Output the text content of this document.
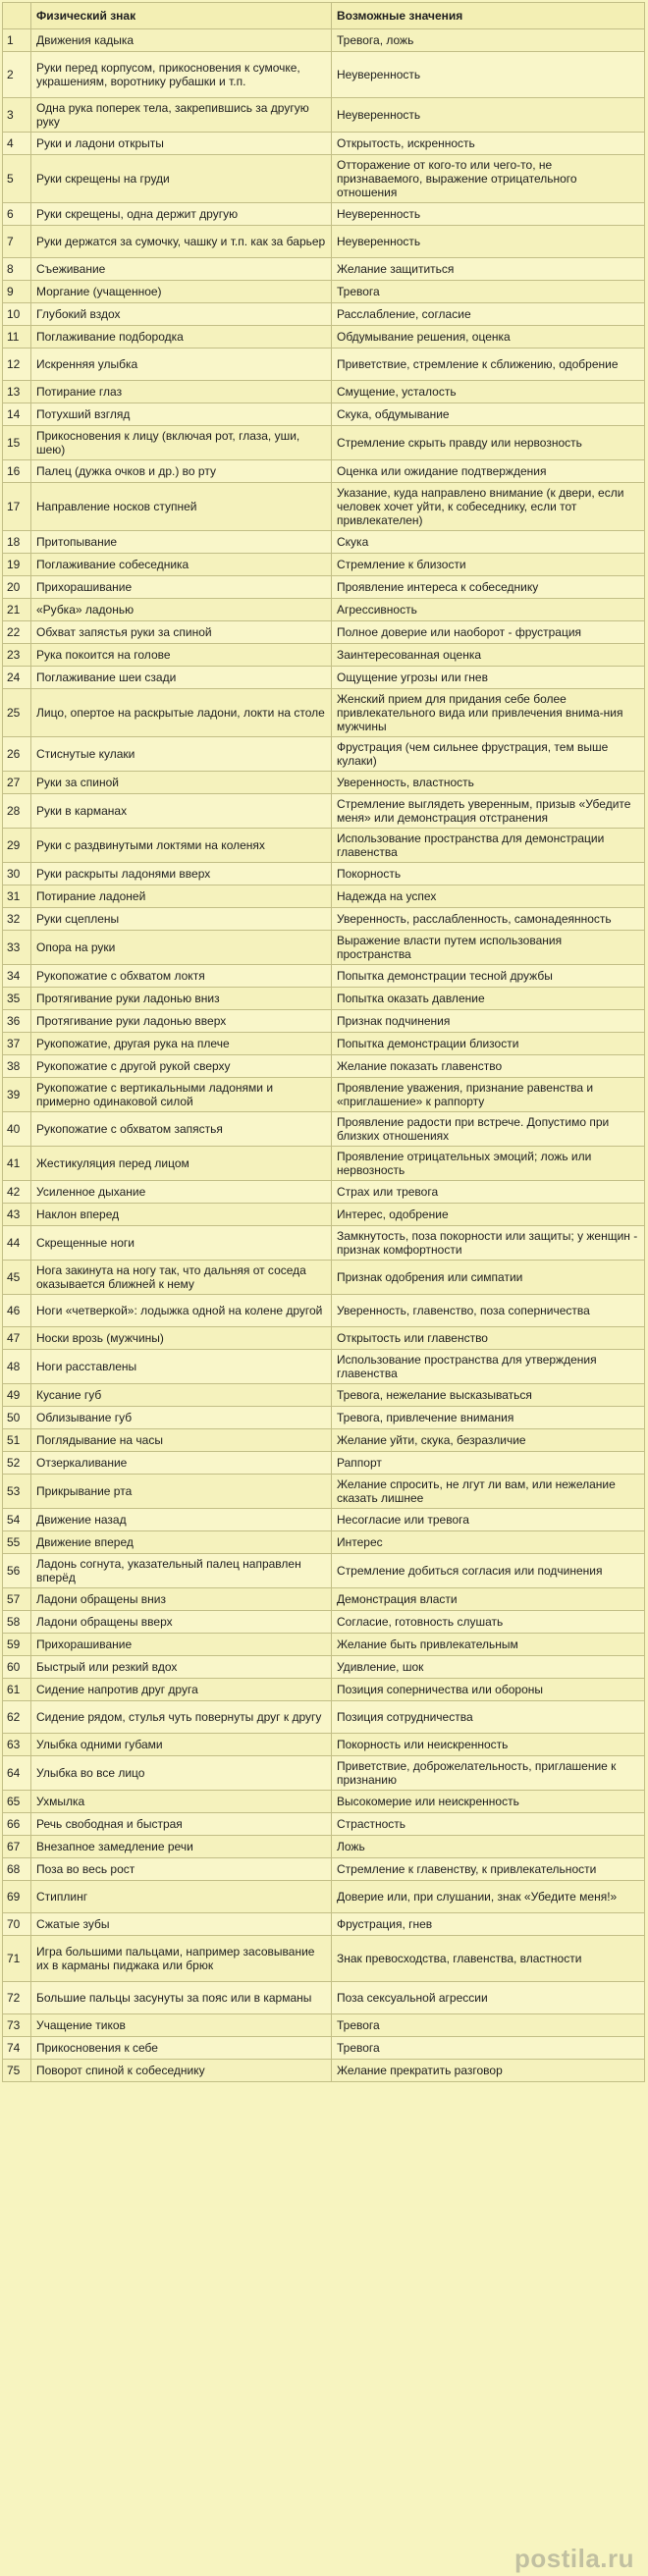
	Физический знак	Возможные значения
1	Движения кадыка	Тревога, ложь
2	Руки перед корпусом, прикосновения к сумочке, украшениям, воротнику рубашки и т.п.	Неуверенность
3	Одна рука поперек тела, закрепившись за другую руку	Неуверенность
4	Руки и ладони открыты	Открытость, искренность
5	Руки скрещены на груди	Отторажение от кого-то или чего-то, не признаваемого, выражение отрицательного отношения
6	Руки скрещены, одна держит другую	Неуверенность
7	Руки держатся за сумочку, чашку и т.п. как за барьер	Неуверенность
8	Съеживание	Желание защититься
9	Моргание (учащенное)	Тревога
10	Глубокий вздох	Расслабление, согласие
11	Поглаживание подбородка	Обдумывание решения, оценка
12	Искренняя улыбка	Приветствие, стремление к сближению, одобрение
13	Потирание глаз	Смущение, усталость
14	Потухший взгляд	Скука, обдумывание
15	Прикосновения к лицу (включая рот, глаза, уши, шею)	Стремление скрыть правду или нервозность
16	Палец (дужка очков и др.) во рту	Оценка или ожидание подтверждения
17	Направление носков ступней	Указание, куда направлено внимание (к двери, если человек хочет уйти, к собеседнику, если тот привлекателен)
18	Притопывание	Скука
19	Поглаживание собеседника	Стремление к близости
20	Прихорашивание	Проявление интереса к собеседнику
21	«Рубка» ладонью	Агрессивность
22	Обхват запястья руки за спиной	Полное доверие или наоборот - фрустрация
23	Рука покоится на голове	Заинтересованная оценка
24	Поглаживание шеи сзади	Ощущение угрозы или гнев
25	Лицо, опертое на раскрытые ладони, локти на столе	Женский прием для придания себе более привлекательного вида или привлечения внима-ния мужчины
26	Стиснутые кулаки	Фрустрация (чем сильнее фрустрация, тем выше кулаки)
27	Руки за спиной	Уверенность, властность
28	Руки в карманах	Стремление выглядеть уверенным, призыв «Убедите меня» или демонстрация отстранения
29	Руки с раздвинутыми локтями на коленях	Использование пространства для демонстрации главенства
30	Руки раскрыты ладонями вверх	Покорность
31	Потирание ладоней	Надежда на успех
32	Руки сцеплены	Уверенность, расслабленность, самонадеянность
33	Опора на руки	Выражение власти путем использования пространства
34	Рукопожатие с обхватом локтя	Попытка демонстрации тесной дружбы
35	Протягивание руки ладонью вниз	Попытка оказать давление
36	Протягивание руки ладонью вверх	Признак подчинения
37	Рукопожатие, другая рука на плече	Попытка демонстрации близости
38	Рукопожатие с другой рукой сверху	Желание показать главенство
39	Рукопожатие с вертикальными ладонями и примерно одинаковой силой	Проявление уважения, признание равенства и «приглашение» к раппорту
40	Рукопожатие с обхватом запястья	Проявление радости при встрече. Допустимо при близких отношениях
41	Жестикуляция перед лицом	Проявление отрицательных эмоций; ложь или нервозность
42	Усиленное дыхание	Страх или тревога
43	Наклон вперед	Интерес, одобрение
44	Скрещенные ноги	Замкнутость, поза покорности или защиты; у женщин - признак комфортности
45	Нога закинута на ногу так, что дальняя от соседа оказывается ближней к нему	Признак одобрения или симпатии
46	Ноги «четверкой»: лодыжка одной на колене другой	Уверенность, главенство, поза соперничества
47	Носки врозь (мужчины)	Открытость или главенство
48	Ноги расставлены	Использование пространства для утверждения главенства
49	Кусание губ	Тревога, нежелание высказываться
50	Облизывание губ	Тревога, привлечение внимания
51	Поглядывание на часы	Желание уйти, скука, безразличие
52	Отзеркаливание	Раппорт
53	Прикрывание рта	Желание спросить, не лгут ли вам, или нежелание сказать лишнее
54	Движение назад	Несогласие или тревога
55	Движение вперед	Интерес
56	Ладонь согнута, указательный палец направлен вперёд	Стремление добиться согласия или подчинения
57	Ладони обращены вниз	Демонстрация власти
58	Ладони обращены вверх	Согласие, готовность слушать
59	Прихорашивание	Желание быть привлекательным
60	Быстрый или резкий вдох	Удивление, шок
61	Сидение напротив друг друга	Позиция соперничества или обороны
62	Сидение рядом, стулья чуть повернуты друг к другу	Позиция сотрудничества
63	Улыбка одними губами	Покорность или неискренность
64	Улыбка во все лицо	Приветствие, доброжелательность, приглашение к признанию
65	Ухмылка	Высокомерие или неискренность
66	Речь свободная и быстрая	Страстность
67	Внезапное замедление речи	Ложь
68	Поза во весь рост	Стремление к главенству, к привлекательности
69	Стиплинг	Доверие или, при слушании, знак «Убедите меня!»
70	Сжатые зубы	Фрустрация, гнев
71	Игра большими пальцами, например засовывание их в карманы пиджака или брюк	Знак превосходства, главенства, властности
72	Большие пальцы засунуты за пояс или в карманы	Поза сексуальной агрессии
73	Учащение тиков	Тревога
74	Прикосновения к себе	Тревога
75	Поворот спиной к собеседнику	Желание прекратить разговор
postila.ru
